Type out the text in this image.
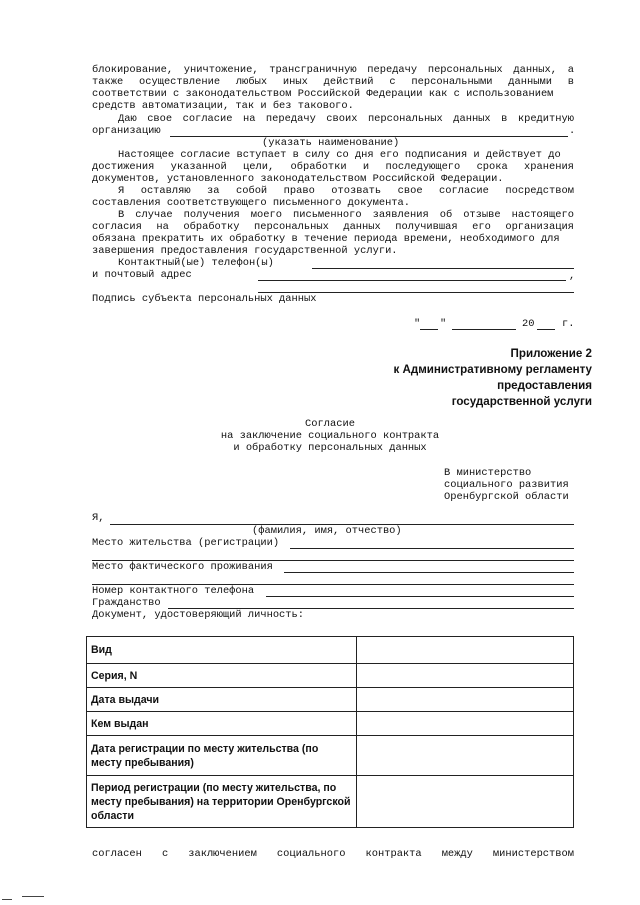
блокирование, уничтожение, трансграничную передачу персональных данных, а
также осуществление любых иных действий с персональными данными в
соответствии с законодательством Российской Федерации как с использованием
средств автоматизации, так и без такового.
Даю свое согласие на передачу своих персональных данных в кредитную
организацию	.
(указать наименование)
Настоящее согласие вступает в силу со дня его подписания и действует до
достижения указанной цели, обработки и последующего срока хранения
документов, установленного законодательством Российской Федерации.
Я оставляю за собой право отозвать свое согласие посредством
составления соответствующего письменного документа.
В случае получения моего письменного заявления об отзыве настоящего
согласия на обработку персональных данных получившая его организация
обязана прекратить их обработку в течение периода времени, необходимого для
завершения предоставления государственной услуги.
Контактный(ые) телефон(ы)
и почтовый адрес	,
Подпись субъекта персональных данных
" "	20	г.
Приложение 2
к Административному регламенту
предоставления
государственной услуги
Согласие
на заключение социального контракта
и обработку персональных данных
В министерство
социального развития
Оренбургской области
Я,
(фамилия, имя, отчество)
Место жительства (регистрации)
Место фактического проживания
Номер контактного телефона
Гражданство
Документ, удостоверяющий личность:
Вид	
Серия, N	
Дата выдачи	
Кем выдан	
Дата регистрации по месту жительства (по месту пребывания)	
Период регистрации (по месту жительства, по месту пребывания) на территории Оренбургской области	
согласен с заключением социального контракта между министерством
